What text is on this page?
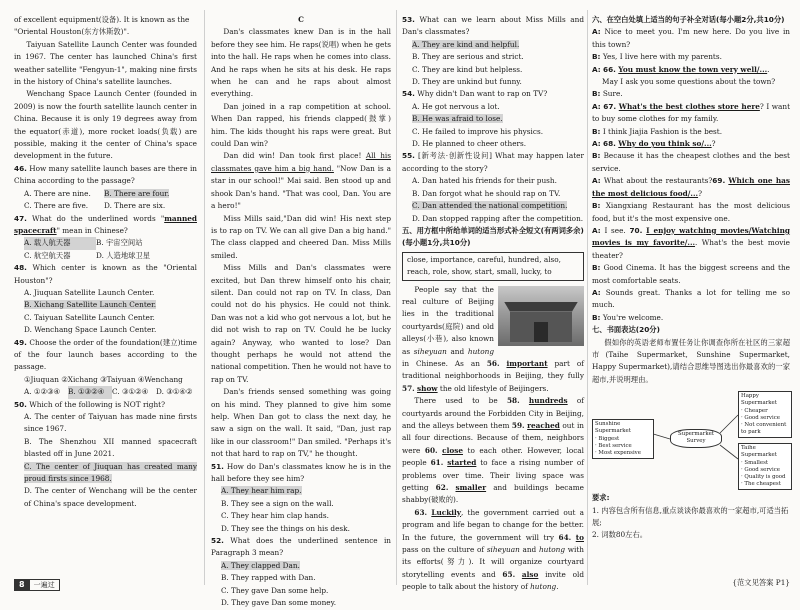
of excellent equipment(设备). It is known as the
"Oriental Houston(东方休斯敦)".

Taiyuan Satellite Launch Center was founded in 1967. The center has launched China's first weather satellite "Fengyun-1", making nine firsts in the history of China's satellite launches.

Wenchang Space Launch Center (founded in 2009) is now the fourth satellite launch center in China. Because it is only 19 degrees away from the equator(赤道), more rocket loads(负载) are possible, making it the center of China's space development in the future.

46. How many satellite launch bases are there in China according to the passage?

A. There are nine. B. There are four.

C. There are five. D. There are six.

47. What do the underlined words "manned spacecraft" mean in Chinese?

A. 载人航天器	B. 宇宙空间站

C. 航空航天器	D. 人造地球卫星

48. Which center is known as the "Oriental Houston"?

A. Jiuquan Satellite Launch Center.

B. Xichang Satellite Launch Center.

C. Taiyuan Satellite Launch Center.

D. Wenchang Space Launch Center.

49. Choose the order of the foundation(建立)time of the four launch bases according to the passage.

①Jiuquan ②Xichang ③Taiyuan ④Wenchang

A. ①②③④ B. ①③②④ C. ③①②④ D. ③①④②

50. Which of the following is NOT right?

A. The center of Taiyuan has made nine firsts since 1967.

B. The Shenzhou XII manned spacecraft blasted off in June 2021.

C. The center of Jiuquan has created many proud firsts since 1968.

D. The center of Wenchang will be the center of China's space development.

C

Dan's classmates knew Dan is in the hall before they see him. He raps(说唱) when he gets into the hall. He raps when he comes into class. And he raps when he sits at his desk. He raps when he can and he raps about almost everything.

Dan joined in a rap competition at school. When Dan rapped, his friends clapped(鼓掌) him. The kids thought his raps were great. But could Dan win?

Dan did win! Dan took first place! All his classmates gave him a big hand. "Now Dan is a star in our school!" Mai said. Ben stood up and shook Dan's hand. "That was cool, Dan. You are a hero!"

Miss Mills said,"Dan did win! His next step is to rap on TV. We can all give Dan a big hand." The class clapped and cheered Dan. Miss Mills smiled.

Miss Mills and Dan's classmates were excited, but Dan threw himself onto his chair, silent. Dan could not rap on TV. In class, Dan could not do his physics. He could not think. Dan was not a kid who got nervous a lot, but he did not wish to rap on TV. Could he be lucky again? Anyway, who wanted to lose? Dan thought perhaps he would not attend the national competition. Then he would not have to rap on TV.

Dan's friends sensed something was going on his mind. They planned to give him some help. When Dan got to class the next day, he saw a sign on the wall. It said, "Dan, just rap like in our classroom!" Dan smiled. "Perhaps it's not that hard to rap on TV," he thought.

51. How do Dan's classmates know he is in the hall before they see him?

A. They hear him rap.

B. They see a sign on the wall.

C. They hear him clap hands.

D. They see the things on his desk.

52. What does the underlined sentence in Paragraph 3 mean?

A. They clapped Dan.

B. They rapped with Dan.

C. They gave Dan some help.

D. They gave Dan some money.

53. What can we learn about Miss Mills and Dan's classmates?

A. They are kind and helpful.

B. They are serious and strict.

C. They are kind but helpless.

D. They are unkind but funny.

54. Why didn't Dan want to rap on TV?

A. He got nervous a lot.

B. He was afraid to lose.

C. He failed to improve his physics.

D. He planned to cheer others.

55. [新考法·创新性设问] What may happen later according to the story?

A. Dan hated his friends for their push.

B. Dan forgot what he should rap on TV.

C. Dan attended the national competition.

D. Dan stopped rapping after the competition.

五、用方框中所给单词的适当形式补全短文(有两词多余)(每小题1分,共10分)

close, importance, careful, hundred, also, reach, role, show, start, small, lucky, to

People say that the real culture of Beijing lies in the traditional courtyards(庭院) and old alleys(小巷), also known as siheyuan and hutong in Chinese. As an 56. important part of traditional neighborhoods in Beijing, they fully 57. show the old lifestyle of Beijingers.

There used to be 58. hundreds of courtyards around the Forbidden City in Beijing, and the alleys between them 59. reached out in all four directions. Because of them, neighbors were 60. close to each other. However, local people 61. started to face a rising number of problems over time. Their living space was getting 62. smaller and buildings became shabby(破败的).

63. Luckily, the government carried out a program and life began to change for the better. In the future, the government will try 64. to pass on the culture of siheyuan and hutong with its efforts(努力). It will organize courtyard storytelling events and 65. also invite old people to talk about the history of hutong.

六、在空白处填上适当的句子补全对话(每小题2分,共10分)

A: Nice to meet you. I'm new here. Do you live in this town?

B: Yes, I live here with my parents.

A: 66. You must know the town very well/....

May I ask you some questions about the town?

B: Sure.

A: 67. What's the best clothes store here? I want to buy some clothes for my family.

B: I think Jiajia Fashion is the best.

A: 68. Why do you think so/...?

B: Because it has the cheapest clothes and the best service.

A: What about the restaurants?69. Which one has the most delicious food/...?

B: Xiangxiang Restaurant has the most delicious food, but it's the most expensive one.

A: I see. 70. I enjoy watching movies/Watching movies is my favorite/.... What's the best movie theater?

B: Good Cinema. It has the biggest screens and the most comfortable seats.

A: Sounds great. Thanks a lot for telling me so much.

B: You're welcome.

七、书面表达(20分)

假如你的英语老师布置任务让你调查你所在社区的三家超市(Taihe Supermarket, Sunshine Supermarket, Happy Supermarket),请结合思维导图选出你最喜欢的一家超市,并说明理由。

Sunshine Supermarket
· Biggest
· Best service
· Most expensive
Supermarket Survey
Happy Supermarket
· Cheaper
· Good service
· Not convenient
to park
Taihe Supermarket
· Smallest
· Good service
· Quality is good
· The cheapest

要求:

1. 内容包含所有信息,重点谈谈你最喜欢的一家超市,可适当拓展;

2. 词数80左右。

{范文见答案 P1}
8	一遍过
